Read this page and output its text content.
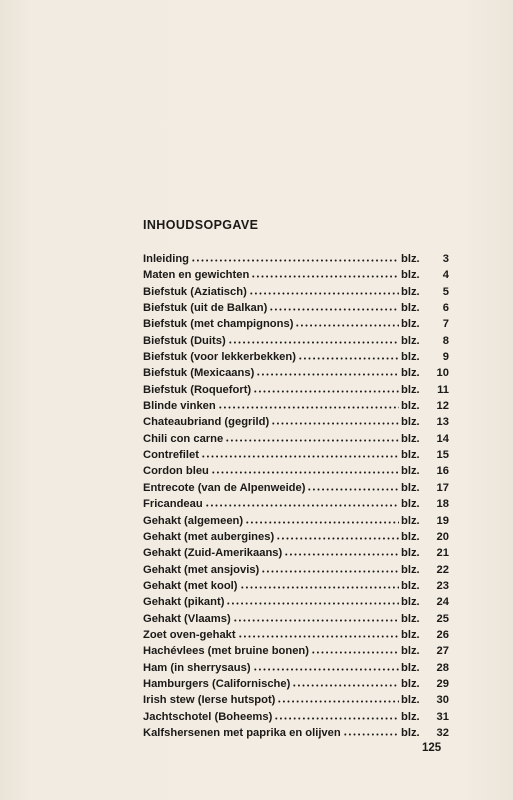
INHOUDSOPGAVE
Inleiding	blz.	3
Maten en gewichten	blz.	4
Biefstuk (Aziatisch)	blz.	5
Biefstuk (uit de Balkan)	blz.	6
Biefstuk (met champignons)	blz.	7
Biefstuk (Duits)	blz.	8
Biefstuk (voor lekkerbekken)	blz.	9
Biefstuk (Mexicaans)	blz.	10
Biefstuk (Roquefort)	blz.	11
Blinde vinken	blz.	12
Chateaubriand (gegrild)	blz.	13
Chili con carne	blz.	14
Contrefilet	blz.	15
Cordon bleu	blz.	16
Entrecote (van de Alpenweide)	blz.	17
Fricandeau	blz.	18
Gehakt (algemeen)	blz.	19
Gehakt (met aubergines)	blz.	20
Gehakt (Zuid-Amerikaans)	blz.	21
Gehakt (met ansjovis)	blz.	22
Gehakt (met kool)	blz.	23
Gehakt (pikant)	blz.	24
Gehakt (Vlaams)	blz.	25
Zoet oven-gehakt	blz.	26
Hachévlees (met bruine bonen)	blz.	27
Ham (in sherrysaus)	blz.	28
Hamburgers (Californische)	blz.	29
Irish stew (Ierse hutspot)	blz.	30
Jachtschotel (Boheems)	blz.	31
Kalfshersenen met paprika en olijven	blz.	32
125
